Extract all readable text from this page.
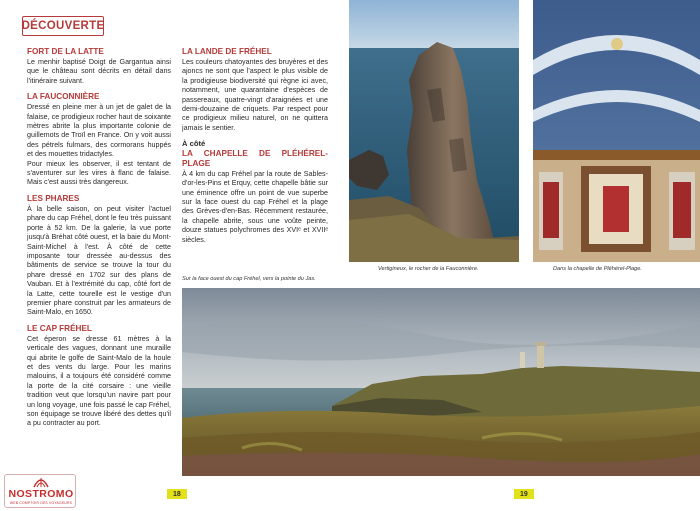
DÉCOUVERTE
FORT DE LA LATTE

Le menhir baptisé Doigt de Gargantua ainsi que le château sont décrits en détail dans l'itinéraire suivant.

LA FAUCONNIÈRE

Dressé en pleine mer à un jet de galet de la falaise, ce prodigieux rocher haut de soixante mètres abrite la plus importante colonie de guillemots de Troïl en France. On y voit aussi des pétrels fulmars, des cormorans huppés et des mouettes tridactyles.

Pour mieux les observer, il est tentant de s'aventurer sur les vires à flanc de falaise. Mais c'est aussi très dangereux.

LES PHARES

À la belle saison, on peut visiter l'actuel phare du cap Fréhel, dont le feu très puissant porte à 52 km. De la galerie, la vue porte jusqu'à Bréhat côté ouest, et la baie du Mont-Saint-Michel à l'est. À côté de cette imposante tour dressée au-dessus des bâtiments de service se trouve la tour du phare dressé en 1702 sur des plans de Vauban. Et à l'extrémité du cap, côté fort de la Latte, cette tourelle est le vestige d'un premier phare construit par les armateurs de Saint-Malo, en 1650.

LE CAP FRÉHEL

Cet éperon se dresse 61 mètres à la verticale des vagues, donnant une muraille qui abrite le golfe de Saint-Malo de la houle et des vents du large. Pour les marins malouins, il a toujours été considéré comme la porte de la cité corsaire : une vieille tradition veut que lorsqu'un navire part pour un long voyage, une fois passé le cap Fréhel, son équipage se trouve libéré des dettes qu'il a pu contracter au port.

LA LANDE DE FRÉHEL

Les couleurs chatoyantes des bruyères et des ajoncs ne sont que l'aspect le plus visible de la prodigieuse biodiversité qui règne ici avec, notamment, une quarantaine d'espèces de passereaux, quatre-vingt d'araignées et une demi-douzaine de criquets. Par respect pour ce prodigieux milieu naturel, on ne quittera jamais le sentier.

À côté
LA CHAPELLE DE PLÉHÉREL-PLAGE

À 4 km du cap Fréhel par la route de Sables-d'or-les-Pins et Erquy, cette chapelle bâtie sur une éminence offre un point de vue superbe sur la face ouest du cap Fréhel et la plage des Grèves-d'en-Bas. Récemment restaurée, la chapelle abrite, sous une voûte peinte, douze statues polychromes des XVIᵉ et XVIIᵉ siècles.

Vertigineux, le rocher de la Fauconnière.	Dans la chapelle de Pléhérel-Plage.
Sur la face ouest du cap Fréhel, vers la pointe du Jas.
18	19
NOSTROMO
WEB COMPTOIR DES VOYAGEURS
